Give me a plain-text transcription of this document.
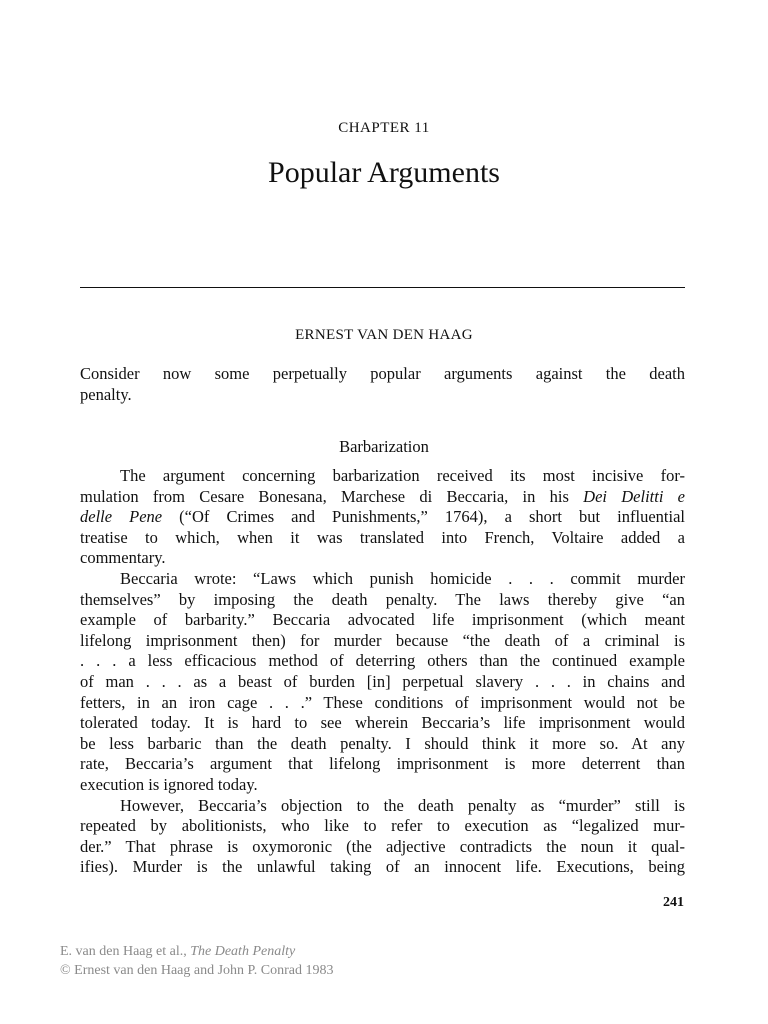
CHAPTER 11
Popular Arguments
ERNEST VAN DEN HAAG

Consider now some perpetually popular arguments against the death
penalty.

Barbarization
The argument concerning barbarization received its most incisive for-
mulation from Cesare Bonesana, Marchese di Beccaria, in his Dei Delitti e
delle Pene (“Of Crimes and Punishments,” 1764), a short but influential
treatise to which, when it was translated into French, Voltaire added a
commentary.
Beccaria wrote: “Laws which punish homicide . . . commit murder
themselves” by imposing the death penalty. The laws thereby give “an
example of barbarity.” Beccaria advocated life imprisonment (which meant
lifelong imprisonment then) for murder because “the death of a criminal is
. . . a less efficacious method of deterring others than the continued example
of man . . . as a beast of burden [in] perpetual slavery . . . in chains and
fetters, in an iron cage . . .” These conditions of imprisonment would not be
tolerated today. It is hard to see wherein Beccaria’s life imprisonment would
be less barbaric than the death penalty. I should think it more so. At any
rate, Beccaria’s argument that lifelong imprisonment is more deterrent than
execution is ignored today.
However, Beccaria’s objection to the death penalty as “murder” still is
repeated by abolitionists, who like to refer to execution as “legalized mur-
der.” That phrase is oxymoronic (the adjective contradicts the noun it qual-
ifies). Murder is the unlawful taking of an innocent life. Executions, being
241
E. van den Haag et al., The Death Penalty
© Ernest van den Haag and John P. Conrad 1983
